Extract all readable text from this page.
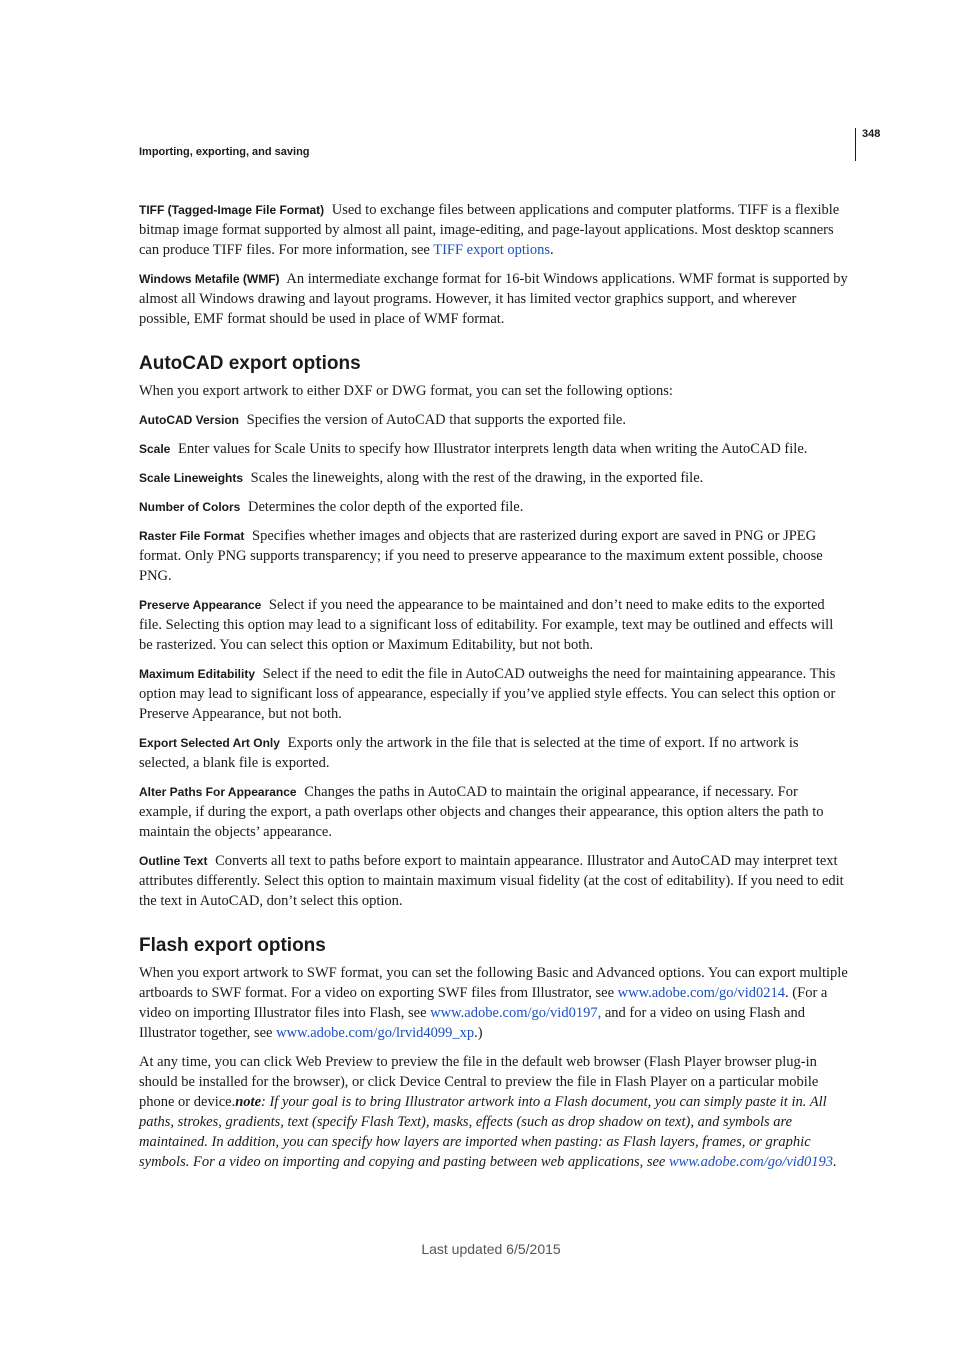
Importing, exporting, and saving
348

TIFF (Tagged-Image File Format) Used to exchange files between applications and computer platforms. TIFF is a flexible bitmap image format supported by almost all paint, image-editing, and page-layout applications. Most desktop scanners can produce TIFF files. For more information, see TIFF export options.

Windows Metafile (WMF) An intermediate exchange format for 16-bit Windows applications. WMF format is supported by almost all Windows drawing and layout programs. However, it has limited vector graphics support, and wherever possible, EMF format should be used in place of WMF format.

AutoCAD export options

When you export artwork to either DXF or DWG format, you can set the following options:

AutoCAD Version Specifies the version of AutoCAD that supports the exported file.

Scale Enter values for Scale Units to specify how Illustrator interprets length data when writing the AutoCAD file.

Scale Lineweights Scales the lineweights, along with the rest of the drawing, in the exported file.

Number of Colors Determines the color depth of the exported file.

Raster File Format Specifies whether images and objects that are rasterized during export are saved in PNG or JPEG format. Only PNG supports transparency; if you need to preserve appearance to the maximum extent possible, choose PNG.

Preserve Appearance Select if you need the appearance to be maintained and don’t need to make edits to the exported file. Selecting this option may lead to a significant loss of editability. For example, text may be outlined and effects will be rasterized. You can select this option or Maximum Editability, but not both.

Maximum Editability Select if the need to edit the file in AutoCAD outweighs the need for maintaining appearance. This option may lead to significant loss of appearance, especially if you’ve applied style effects. You can select this option or Preserve Appearance, but not both.

Export Selected Art Only Exports only the artwork in the file that is selected at the time of export. If no artwork is selected, a blank file is exported.

Alter Paths For Appearance Changes the paths in AutoCAD to maintain the original appearance, if necessary. For example, if during the export, a path overlaps other objects and changes their appearance, this option alters the path to maintain the objects’ appearance.

Outline Text Converts all text to paths before export to maintain appearance. Illustrator and AutoCAD may interpret text attributes differently. Select this option to maintain maximum visual fidelity (at the cost of editability). If you need to edit the text in AutoCAD, don’t select this option.

Flash export options

When you export artwork to SWF format, you can set the following Basic and Advanced options. You can export multiple artboards to SWF format. For a video on exporting SWF files from Illustrator, see www.adobe.com/go/vid0214. (For a video on importing Illustrator files into Flash, see www.adobe.com/go/vid0197, and for a video on using Flash and Illustrator together, see www.adobe.com/go/lrvid4099_xp.)

At any time, you can click Web Preview to preview the file in the default web browser (Flash Player browser plug-in should be installed for the browser), or click Device Central to preview the file in Flash Player on a particular mobile phone or device.note: If your goal is to bring Illustrator artwork into a Flash document, you can simply paste it in. All paths, strokes, gradients, text (specify Flash Text), masks, effects (such as drop shadow on text), and symbols are maintained. In addition, you can specify how layers are imported when pasting: as Flash layers, frames, or graphic symbols. For a video on importing and copying and pasting between web applications, see www.adobe.com/go/vid0193.

Last updated 6/5/2015
